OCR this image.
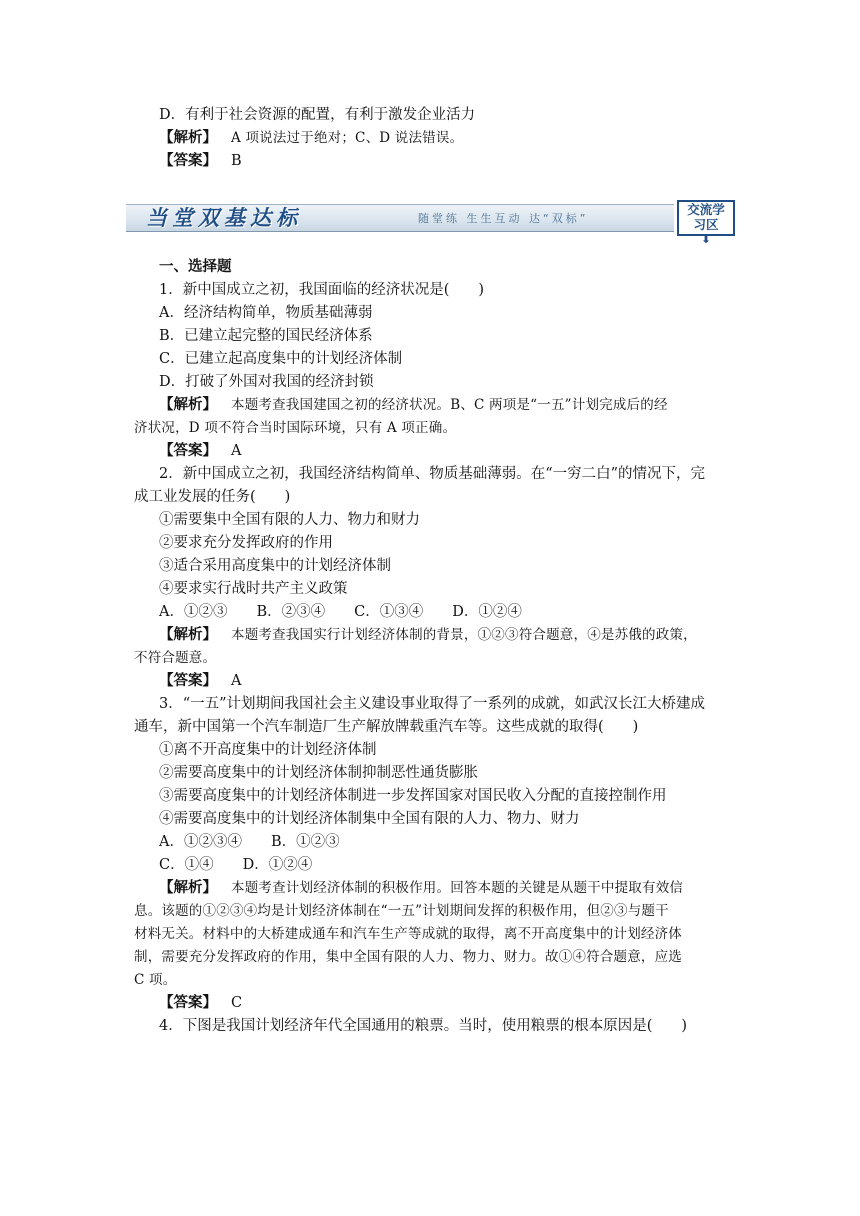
D．有利于社会资源的配置，有利于激发企业活力
【解析】 A 项说法过于绝对；C、D 说法错误。
【答案】 B
当堂双基达标	随堂练 生生互动 达“双标”
交流学
习区
⬇
一、选择题
1．新中国成立之初，我国面临的经济状况是(　　)
A．经济结构简单，物质基础薄弱
B．已建立起完整的国民经济体系
C．已建立起高度集中的计划经济体制
D．打破了外国对我国的经济封锁
【解析】 本题考查我国建国之初的经济状况。B、C 两项是“一五”计划完成后的经
济状况，D 项不符合当时国际环境，只有 A 项正确。
【答案】 A
2．新中国成立之初，我国经济结构简单、物质基础薄弱。在“一穷二白”的情况下，完
成工业发展的任务(　　)
①需要集中全国有限的人力、物力和财力
②要求充分发挥政府的作用
③适合采用高度集中的计划经济体制
④要求实行战时共产主义政策
A．①②③　　B．②③④　　C．①③④　　D．①②④
【解析】 本题考查我国实行计划经济体制的背景，①②③符合题意，④是苏俄的政策，
不符合题意。
【答案】 A
3．“一五”计划期间我国社会主义建设事业取得了一系列的成就，如武汉长江大桥建成
通车，新中国第一个汽车制造厂生产解放牌载重汽车等。这些成就的取得(　　)
①离不开高度集中的计划经济体制
②需要高度集中的计划经济体制抑制恶性通货膨胀
③需要高度集中的计划经济体制进一步发挥国家对国民收入分配的直接控制作用
④需要高度集中的计划经济体制集中全国有限的人力、物力、财力
A．①②③④　　B．①②③
C．①④　　D．①②④
【解析】 本题考查计划经济体制的积极作用。回答本题的关键是从题干中提取有效信
息。该题的①②③④均是计划经济体制在“一五”计划期间发挥的积极作用，但②③与题干
材料无关。材料中的大桥建成通车和汽车生产等成就的取得，离不开高度集中的计划经济体
制，需要充分发挥政府的作用，集中全国有限的人力、物力、财力。故①④符合题意，应选
C 项。
【答案】 C
4．下图是我国计划经济年代全国通用的粮票。当时，使用粮票的根本原因是(　　)
